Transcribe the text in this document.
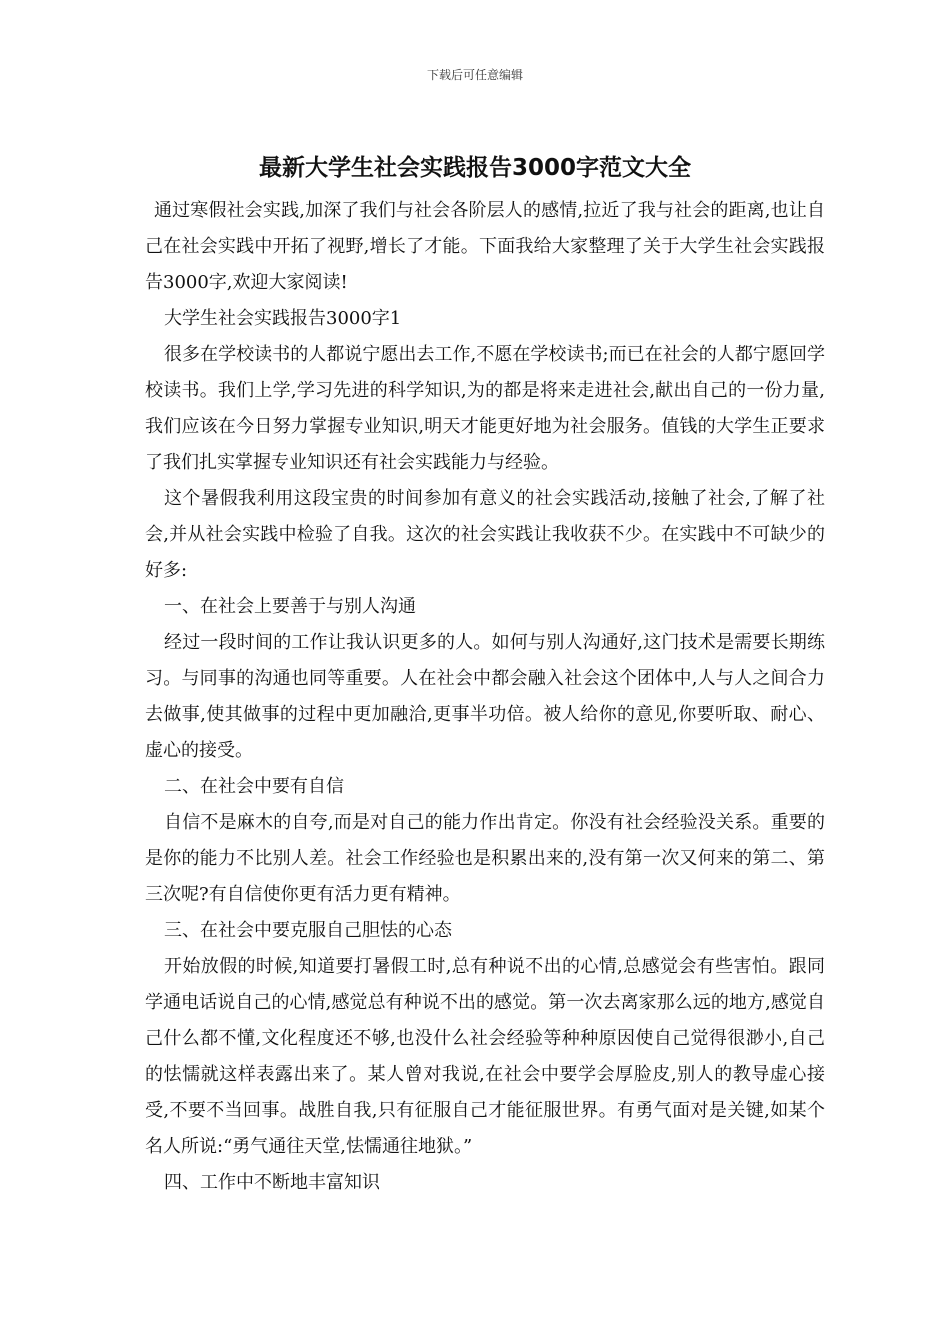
下载后可任意编辑
最新大学生社会实践报告3000字范文大全

通过寒假社会实践,加深了我们与社会各阶层人的感情,拉近了我与社会的距离,也让自己在社会实践中开拓了视野,增长了才能。下面我给大家整理了关于大学生社会实践报告3000字,欢迎大家阅读!

大学生社会实践报告3000字1

很多在学校读书的人都说宁愿出去工作,不愿在学校读书;而已在社会的人都宁愿回学校读书。我们上学,学习先进的科学知识,为的都是将来走进社会,献出自己的一份力量,我们应该在今日努力掌握专业知识,明天才能更好地为社会服务。值钱的大学生正要求了我们扎实掌握专业知识还有社会实践能力与经验。

这个暑假我利用这段宝贵的时间参加有意义的社会实践活动,接触了社会,了解了社会,并从社会实践中检验了自我。这次的社会实践让我收获不少。在实践中不可缺少的好多:

一、在社会上要善于与别人沟通

经过一段时间的工作让我认识更多的人。如何与别人沟通好,这门技术是需要长期练习。与同事的沟通也同等重要。人在社会中都会融入社会这个团体中,人与人之间合力去做事,使其做事的过程中更加融洽,更事半功倍。被人给你的意见,你要听取、耐心、虚心的接受。

二、在社会中要有自信

自信不是麻木的自夸,而是对自己的能力作出肯定。你没有社会经验没关系。重要的是你的能力不比别人差。社会工作经验也是积累出来的,没有第一次又何来的第二、第三次呢?有自信使你更有活力更有精神。

三、在社会中要克服自己胆怯的心态

开始放假的时候,知道要打暑假工时,总有种说不出的心情,总感觉会有些害怕。跟同学通电话说自己的心情,感觉总有种说不出的感觉。第一次去离家那么远的地方,感觉自己什么都不懂,文化程度还不够,也没什么社会经验等种种原因使自己觉得很渺小,自己的怯懦就这样表露出来了。某人曾对我说,在社会中要学会厚脸皮,别人的教导虚心接受,不要不当回事。战胜自我,只有征服自己才能征服世界。有勇气面对是关键,如某个名人所说:“勇气通往天堂,怯懦通往地狱。”

四、工作中不断地丰富知识
